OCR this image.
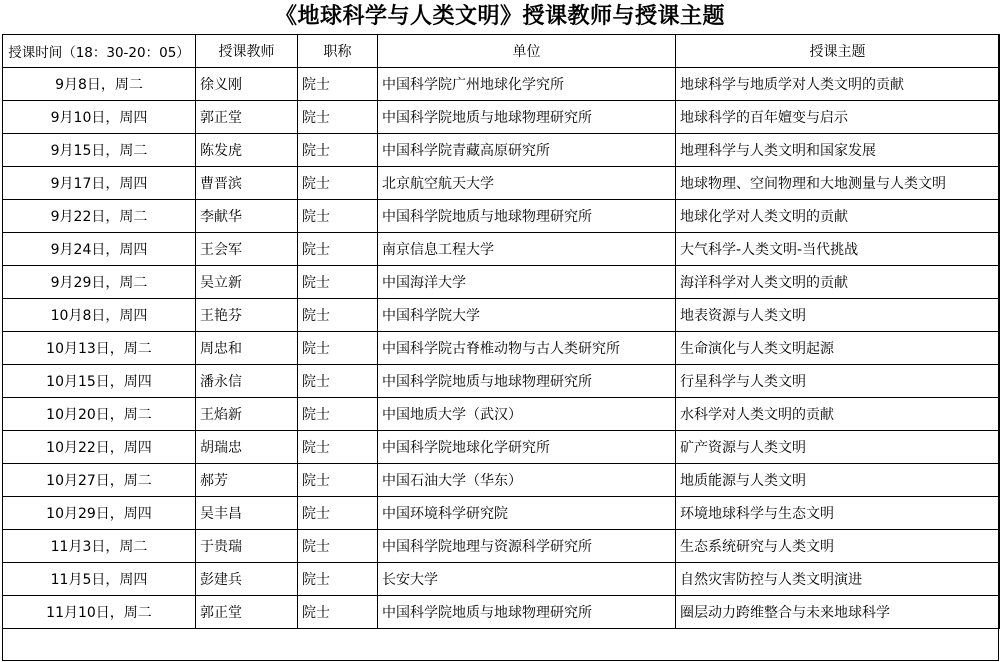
《地球科学与人类文明》授课教师与授课主题
授课时间（18：30-20：05）	授课教师	职称	单位	授课主题
9月8日，周二	徐义刚	院士	中国科学院广州地球化学究所	地球科学与地质学对人类文明的贡献
9月10日，周四	郭正堂	院士	中国科学院地质与地球物理研究所	地球科学的百年嬗变与启示
9月15日，周二	陈发虎	院士	中国科学院青藏高原研究所	地理科学与人类文明和国家发展
9月17日，周四	曹晋滨	院士	北京航空航天大学	地球物理、空间物理和大地测量与人类文明
9月22日，周二	李献华	院士	中国科学院地质与地球物理研究所	地球化学对人类文明的贡献
9月24日，周四	王会军	院士	南京信息工程大学	大气科学-人类文明-当代挑战
9月29日，周二	吴立新	院士	中国海洋大学	海洋科学对人类文明的贡献
10月8日，周四	王艳芬	院士	中国科学院大学	地表资源与人类文明
10月13日，周二	周忠和	院士	中国科学院古脊椎动物与古人类研究所	生命演化与人类文明起源
10月15日，周四	潘永信	院士	中国科学院地质与地球物理研究所	行星科学与人类文明
10月20日，周二	王焰新	院士	中国地质大学（武汉）	水科学对人类文明的贡献
10月22日，周四	胡瑞忠	院士	中国科学院地球化学研究所	矿产资源与人类文明
10月27日，周二	郝芳	院士	中国石油大学（华东）	地质能源与人类文明
10月29日，周四	吴丰昌	院士	中国环境科学研究院	环境地球科学与生态文明
11月3日，周二	于贵瑞	院士	中国科学院地理与资源科学研究所	生态系统研究与人类文明
11月5日，周四	彭建兵	院士	长安大学	自然灾害防控与人类文明演进
11月10日，周二	郭正堂	院士	中国科学院地质与地球物理研究所	圈层动力跨维整合与未来地球科学
